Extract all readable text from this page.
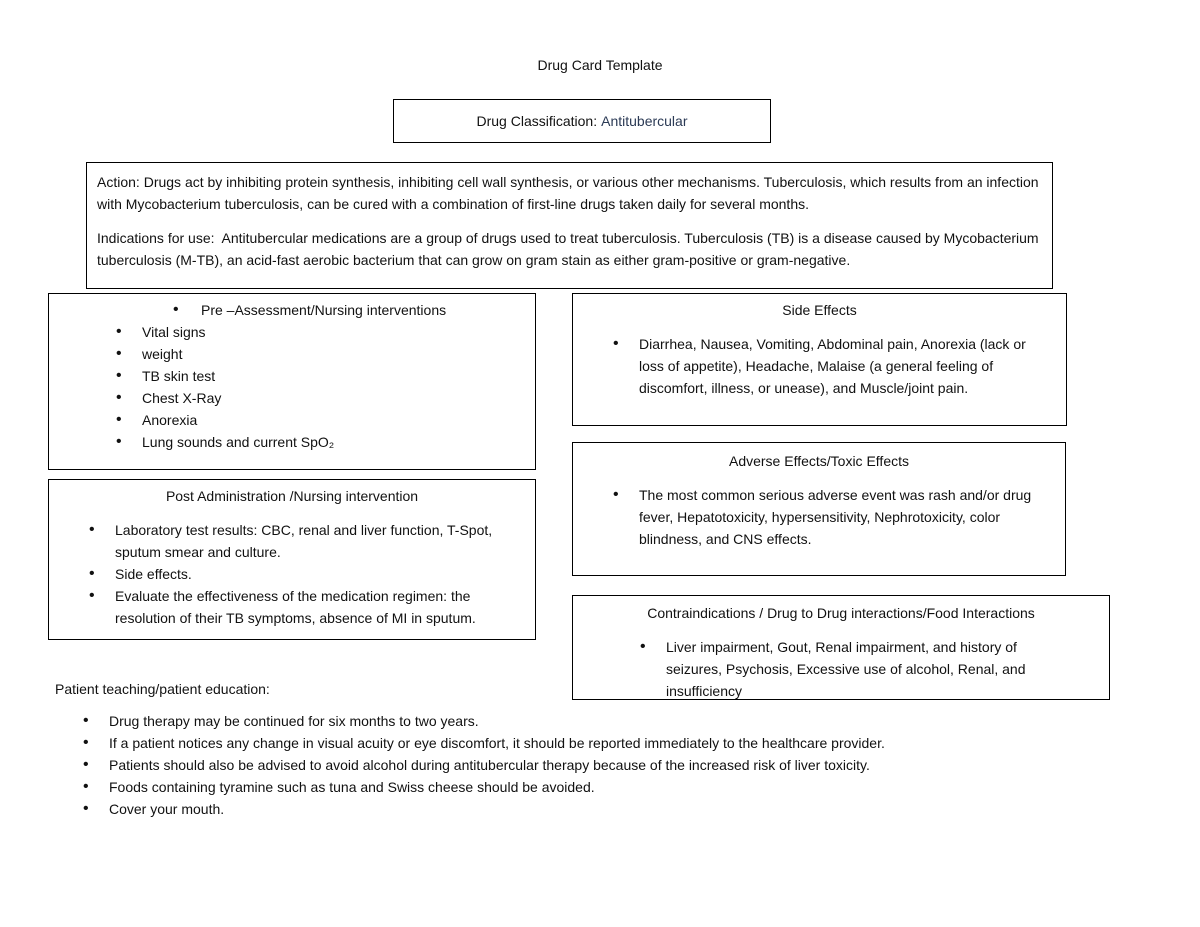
Drug Card Template
Drug Classification: Antitubercular

Action: Drugs act by inhibiting protein synthesis, inhibiting cell wall synthesis, or various other mechanisms. Tuberculosis, which results from an infection with Mycobacterium tuberculosis, can be cured with a combination of first-line drugs taken daily for several months.

Indications for use: Antitubercular medications are a group of drugs used to treat tuberculosis. Tuberculosis (TB) is a disease caused by Mycobacterium tuberculosis (M-TB), an acid-fast aerobic bacterium that can grow on gram stain as either gram-positive or gram-negative.

• Pre –Assessment/Nursing interventions
• Vital signs
• weight
• TB skin test
• Chest X-Ray
• Anorexia
• Lung sounds and current SpO₂
Post Administration /Nursing intervention
• Laboratory test results: CBC, renal and liver function, T-Spot, sputum smear and culture.
• Side effects.
• Evaluate the effectiveness of the medication regimen: the resolution of their TB symptoms, absence of MI in sputum.
Side Effects
• Diarrhea, Nausea, Vomiting, Abdominal pain, Anorexia (lack or loss of appetite), Headache, Malaise (a general feeling of discomfort, illness, or unease), and Muscle/joint pain.
Adverse Effects/Toxic Effects
• The most common serious adverse event was rash and/or drug fever, Hepatotoxicity, hypersensitivity, Nephrotoxicity, color blindness, and CNS effects.
Contraindications / Drug to Drug interactions/Food Interactions
• Liver impairment, Gout, Renal impairment, and history of seizures, Psychosis, Excessive use of alcohol, Renal, and insufficiency
Patient teaching/patient education:
• Drug therapy may be continued for six months to two years.
• If a patient notices any change in visual acuity or eye discomfort, it should be reported immediately to the healthcare provider.
• Patients should also be advised to avoid alcohol during antitubercular therapy because of the increased risk of liver toxicity.
• Foods containing tyramine such as tuna and Swiss cheese should be avoided.
• Cover your mouth.
